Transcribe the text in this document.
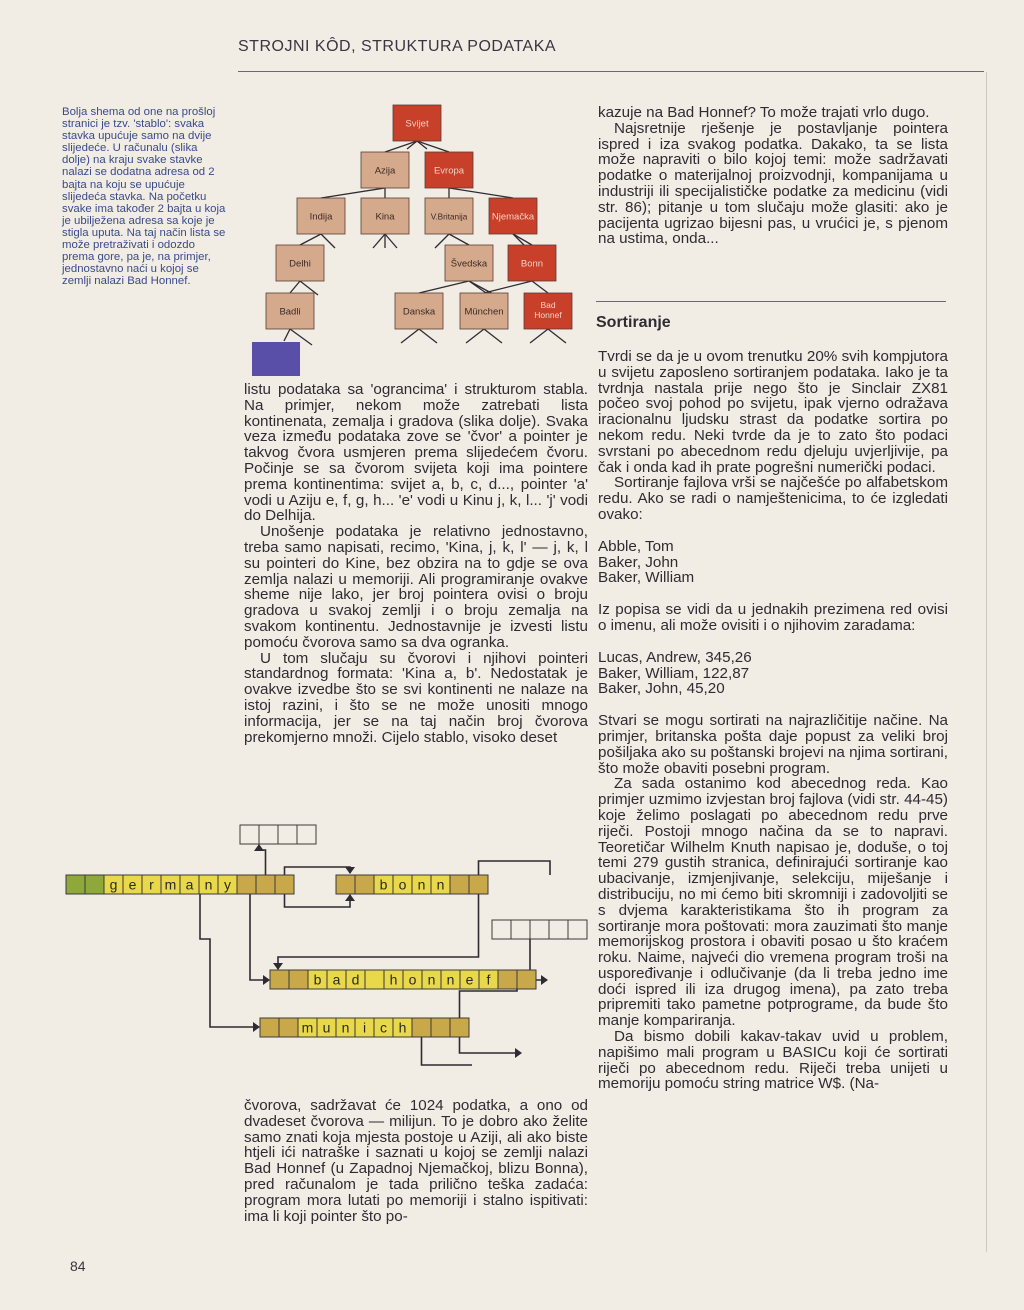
STROJNI KÔD, STRUKTURA PODATAKA
Bolja shema od one na prošloj stranici je tzv. 'stablo': svaka stavka upućuje samo na dvije slijedeće. U računalu (slika dolje) na kraju svake stavke nalazi se dodatna adresa od 2 bajta na koju se upućuje slijedeća stavka. Na početku svake ima također 2 bajta u koja je ubilježena adresa sa koje je stigla uputa. Na taj način lista se može pretraživati i odozdo prema gore, pa je, na primjer, jednostavno naći u kojoj se zemlji nalazi Bad Honnef.
Svijet
Azija	Evropa
Indija	Kina	V.Britanija	Njemačka
Delhi	Švedska	Bonn
Badli	Danska	München
Bad
Honnef

listu podataka sa 'ograncima' i strukturom stabla. Na primjer, nekom može zatrebati lista kontinenata, zemalja i gradova (slika dolje). Svaka veza između podataka zove se 'čvor' a pointer je takvog čvora usmjeren prema slijedećem čvoru. Počinje se sa čvorom svijeta koji ima pointere prema kontinentima: svijet a, b, c, d..., pointer 'a' vodi u Aziju e, f, g, h... 'e' vodi u Kinu j, k, l... 'j' vodi do Delhija.

Unošenje podataka je relativno jednostavno, treba samo napisati, recimo, 'Kina, j, k, l' — j, k, l su pointeri do Kine, bez obzira na to gdje se ova zemlja nalazi u memoriji. Ali programiranje ovakve sheme nije lako, jer broj pointera ovisi o broju gradova u svakoj zemlji i o broju zemalja na svakom kontinentu. Jednostavnije je izvesti listu pomoću čvorova samo sa dva ogranka.

U tom slučaju su čvorovi i njihovi pointeri standardnog formata: 'Kina a, b'. Nedostatak je ovakve izvedbe što se svi kontinenti ne nalaze na istoj razini, i što se ne može unositi mnogo informacija, jer se na taj način broj čvorova prekomjerno množi. Cijelo stablo, visoko deset

g e r m a n y	b o n n
b a d h o n n e f
m u n i c h

čvorova, sadržavat će 1024 podatka, a ono od dvadeset čvorova — milijun. To je dobro ako želite samo znati koja mjesta postoje u Aziji, ali ako biste htjeli ići natraške i saznati u kojoj se zemlji nalazi Bad Honnef (u Zapadnoj Njemačkoj, blizu Bonna), pred računalom je tada prilično teška zadaća: program mora lutati po memoriji i stalno ispitivati: ima li koji pointer što po-

kazuje na Bad Honnef? To može trajati vrlo dugo.

Najsretnije rješenje je postavljanje pointera ispred i iza svakog podatka. Dakako, ta se lista može napraviti o bilo kojoj temi: može sadržavati podatke o materijalnoj proizvodnji, kompanijama u industriji ili specijalističke podatke za medicinu (vidi str. 86); pitanje u tom slučaju može glasiti: ako je pacijenta ugrizao bijesni pas, u vrućici je, s pjenom na ustima, onda...

Sortiranje

Tvrdi se da je u ovom trenutku 20% svih kompjutora u svijetu zaposleno sortiranjem podataka. Iako je ta tvrdnja nastala prije nego što je Sinclair ZX81 počeo svoj pohod po svijetu, ipak vjerno odražava iracionalnu ljudsku strast da podatke sortira po nekom redu. Neki tvrde da je to zato što podaci svrstani po abecednom redu djeluju uvjerljivije, pa čak i onda kad ih prate pogrešni numerički podaci.

Sortiranje fajlova vrši se najčešće po alfabetskom redu. Ako se radi o namještenicima, to će izgledati ovako:

Abble, Tom

Baker, John

Baker, William

Iz popisa se vidi da u jednakih prezimena red ovisi o imenu, ali može ovisiti i o njihovim zaradama:

Lucas, Andrew, 345,26

Baker, William, 122,87

Baker, John, 45,20

Stvari se mogu sortirati na najrazličitije načine. Na primjer, britanska pošta daje popust za veliki broj pošiljaka ako su poštanski brojevi na njima sortirani, što može obaviti posebni program.

Za sada ostanimo kod abecednog reda. Kao primjer uzmimo izvjestan broj fajlova (vidi str. 44-45) koje želimo poslagati po abecednom redu prve riječi. Postoji mnogo načina da se to napravi. Teoretičar Wilhelm Knuth napisao je, doduše, o toj temi 279 gustih stranica, definirajući sortiranje kao ubacivanje, izmjenjivanje, selekciju, miješanje i distribuciju, no mi ćemo biti skromniji i zadovoljiti se s dvjema karakteristikama što ih program za sortiranje mora poštovati: mora zauzimati što manje memorijskog prostora i obaviti posao u što kraćem roku. Naime, najveći dio vremena program troši na uspoređivanje i odlučivanje (da li treba jedno ime doći ispred ili iza drugog imena), pa zato treba pripremiti tako pametne potprograme, da bude što manje kompariranja.

Da bismo dobili kakav-takav uvid u problem, napišimo mali program u BASICu koji će sortirati riječi po abecednom redu. Riječi treba unijeti u memoriju pomoću string matrice W$. (Na-

84
